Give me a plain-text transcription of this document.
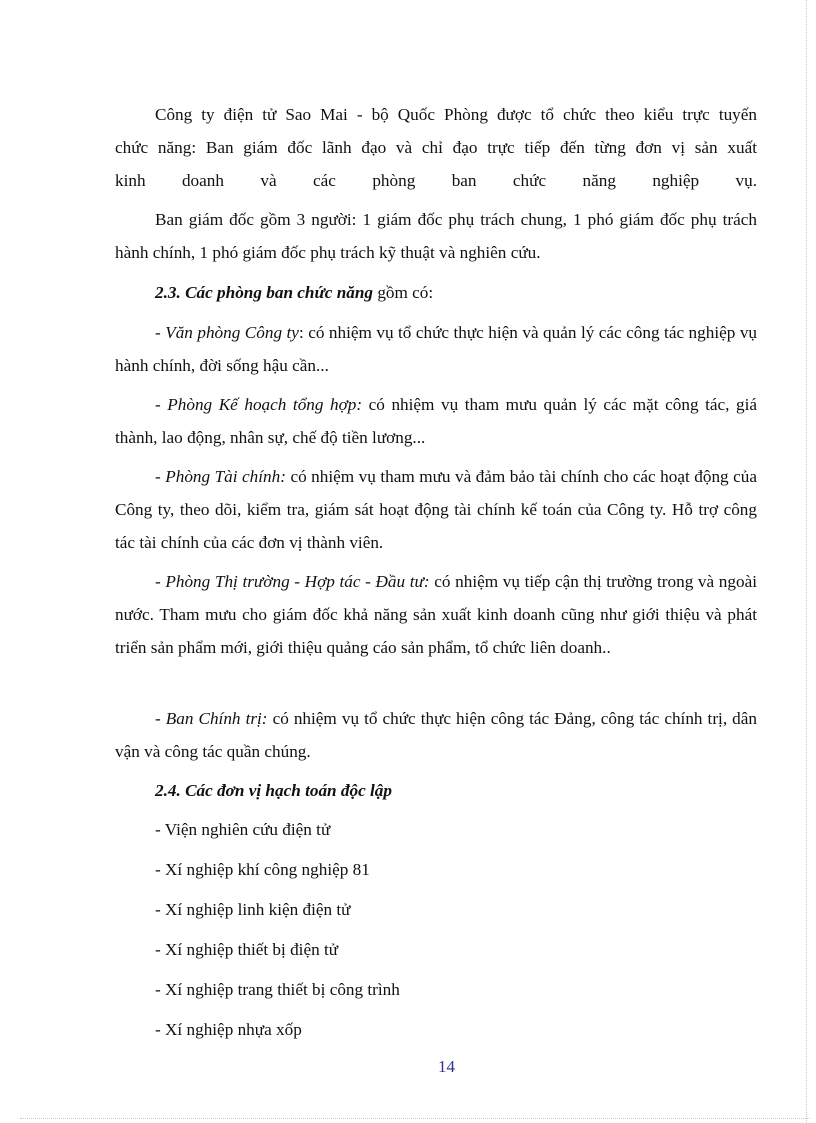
Công ty điện tử Sao Mai - bộ Quốc Phòng được tổ chức theo kiểu trực tuyến

chức năng: Ban giám đốc lãnh đạo và chỉ đạo trực tiếp đến từng đơn vị sản xuất

kinh doanh và các phòng ban chức năng nghiệp vụ.

Ban giám đốc gồm 3 người: 1 giám đốc phụ trách chung, 1 phó giám đốc phụ trách hành chính, 1 phó giám đốc phụ trách kỹ thuật và nghiên cứu.

2.3. Các phòng ban chức năng gồm có:

- Văn phòng Công ty: có nhiệm vụ tổ chức thực hiện và quản lý các công tác nghiệp vụ hành chính, đời sống hậu cần...

- Phòng Kế hoạch tổng hợp: có nhiệm vụ tham mưu quản lý các mặt công tác, giá thành, lao động, nhân sự, chế độ tiền lương...

- Phòng Tài chính: có nhiệm vụ tham mưu và đảm bảo tài chính cho các hoạt động của Công ty, theo dõi, kiểm tra, giám sát hoạt động tài chính kế toán của Công ty. Hỗ trợ công tác tài chính của các đơn vị thành viên.

- Phòng Thị trường - Hợp tác - Đầu tư: có nhiệm vụ tiếp cận thị trường trong và ngoài nước. Tham mưu cho giám đốc khả năng sản xuất kinh doanh cũng như giới thiệu và phát triển sản phẩm mới, giới thiệu quảng cáo sản phẩm, tổ chức liên doanh..

- Ban Chính trị: có nhiệm vụ tổ chức thực hiện công tác Đảng, công tác chính trị, dân vận và công tác quần chúng.

2.4. Các đơn vị hạch toán độc lập

- Viện nghiên cứu điện tử

- Xí nghiệp khí công nghiệp 81

- Xí nghiệp linh kiện điện tử

- Xí nghiệp thiết bị điện tử

- Xí nghiệp trang thiết bị công trình

- Xí nghiệp nhựa xốp

14
